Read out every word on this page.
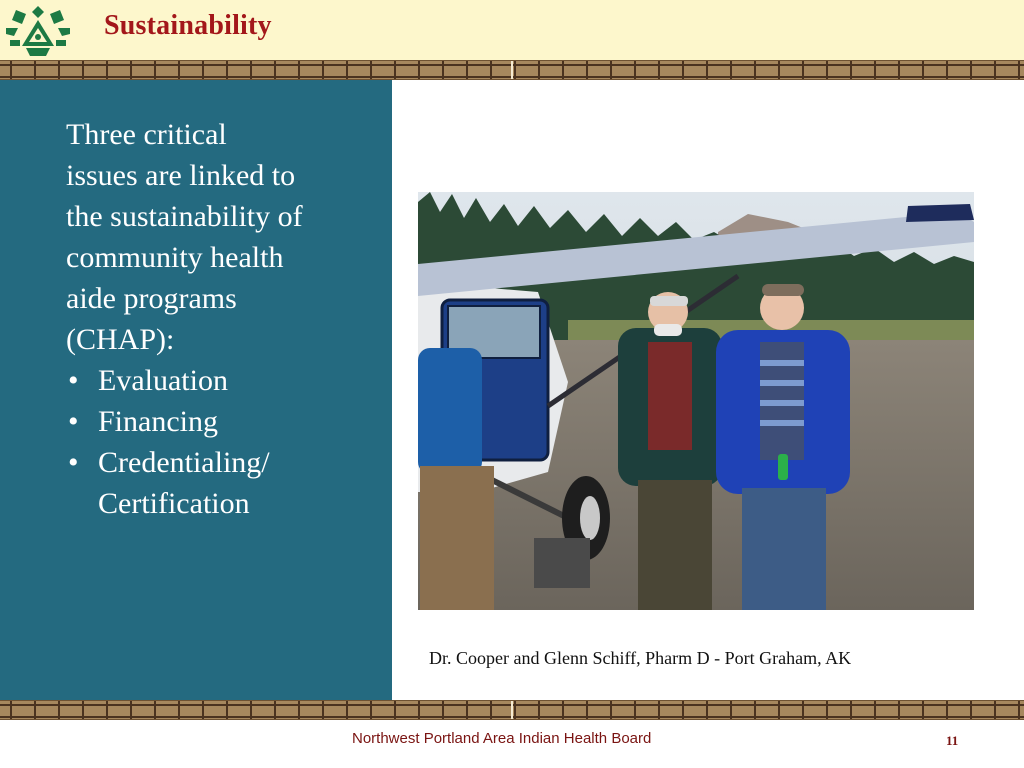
Sustainability

Three critical
issues are linked to
the sustainability of
community health
aide programs
(CHAP):

• Evaluation
• Financing
• Credentialing/
Certification
Dr. Cooper and Glenn Schiff, Pharm D - Port Graham, AK
Northwest Portland Area Indian Health Board	11
